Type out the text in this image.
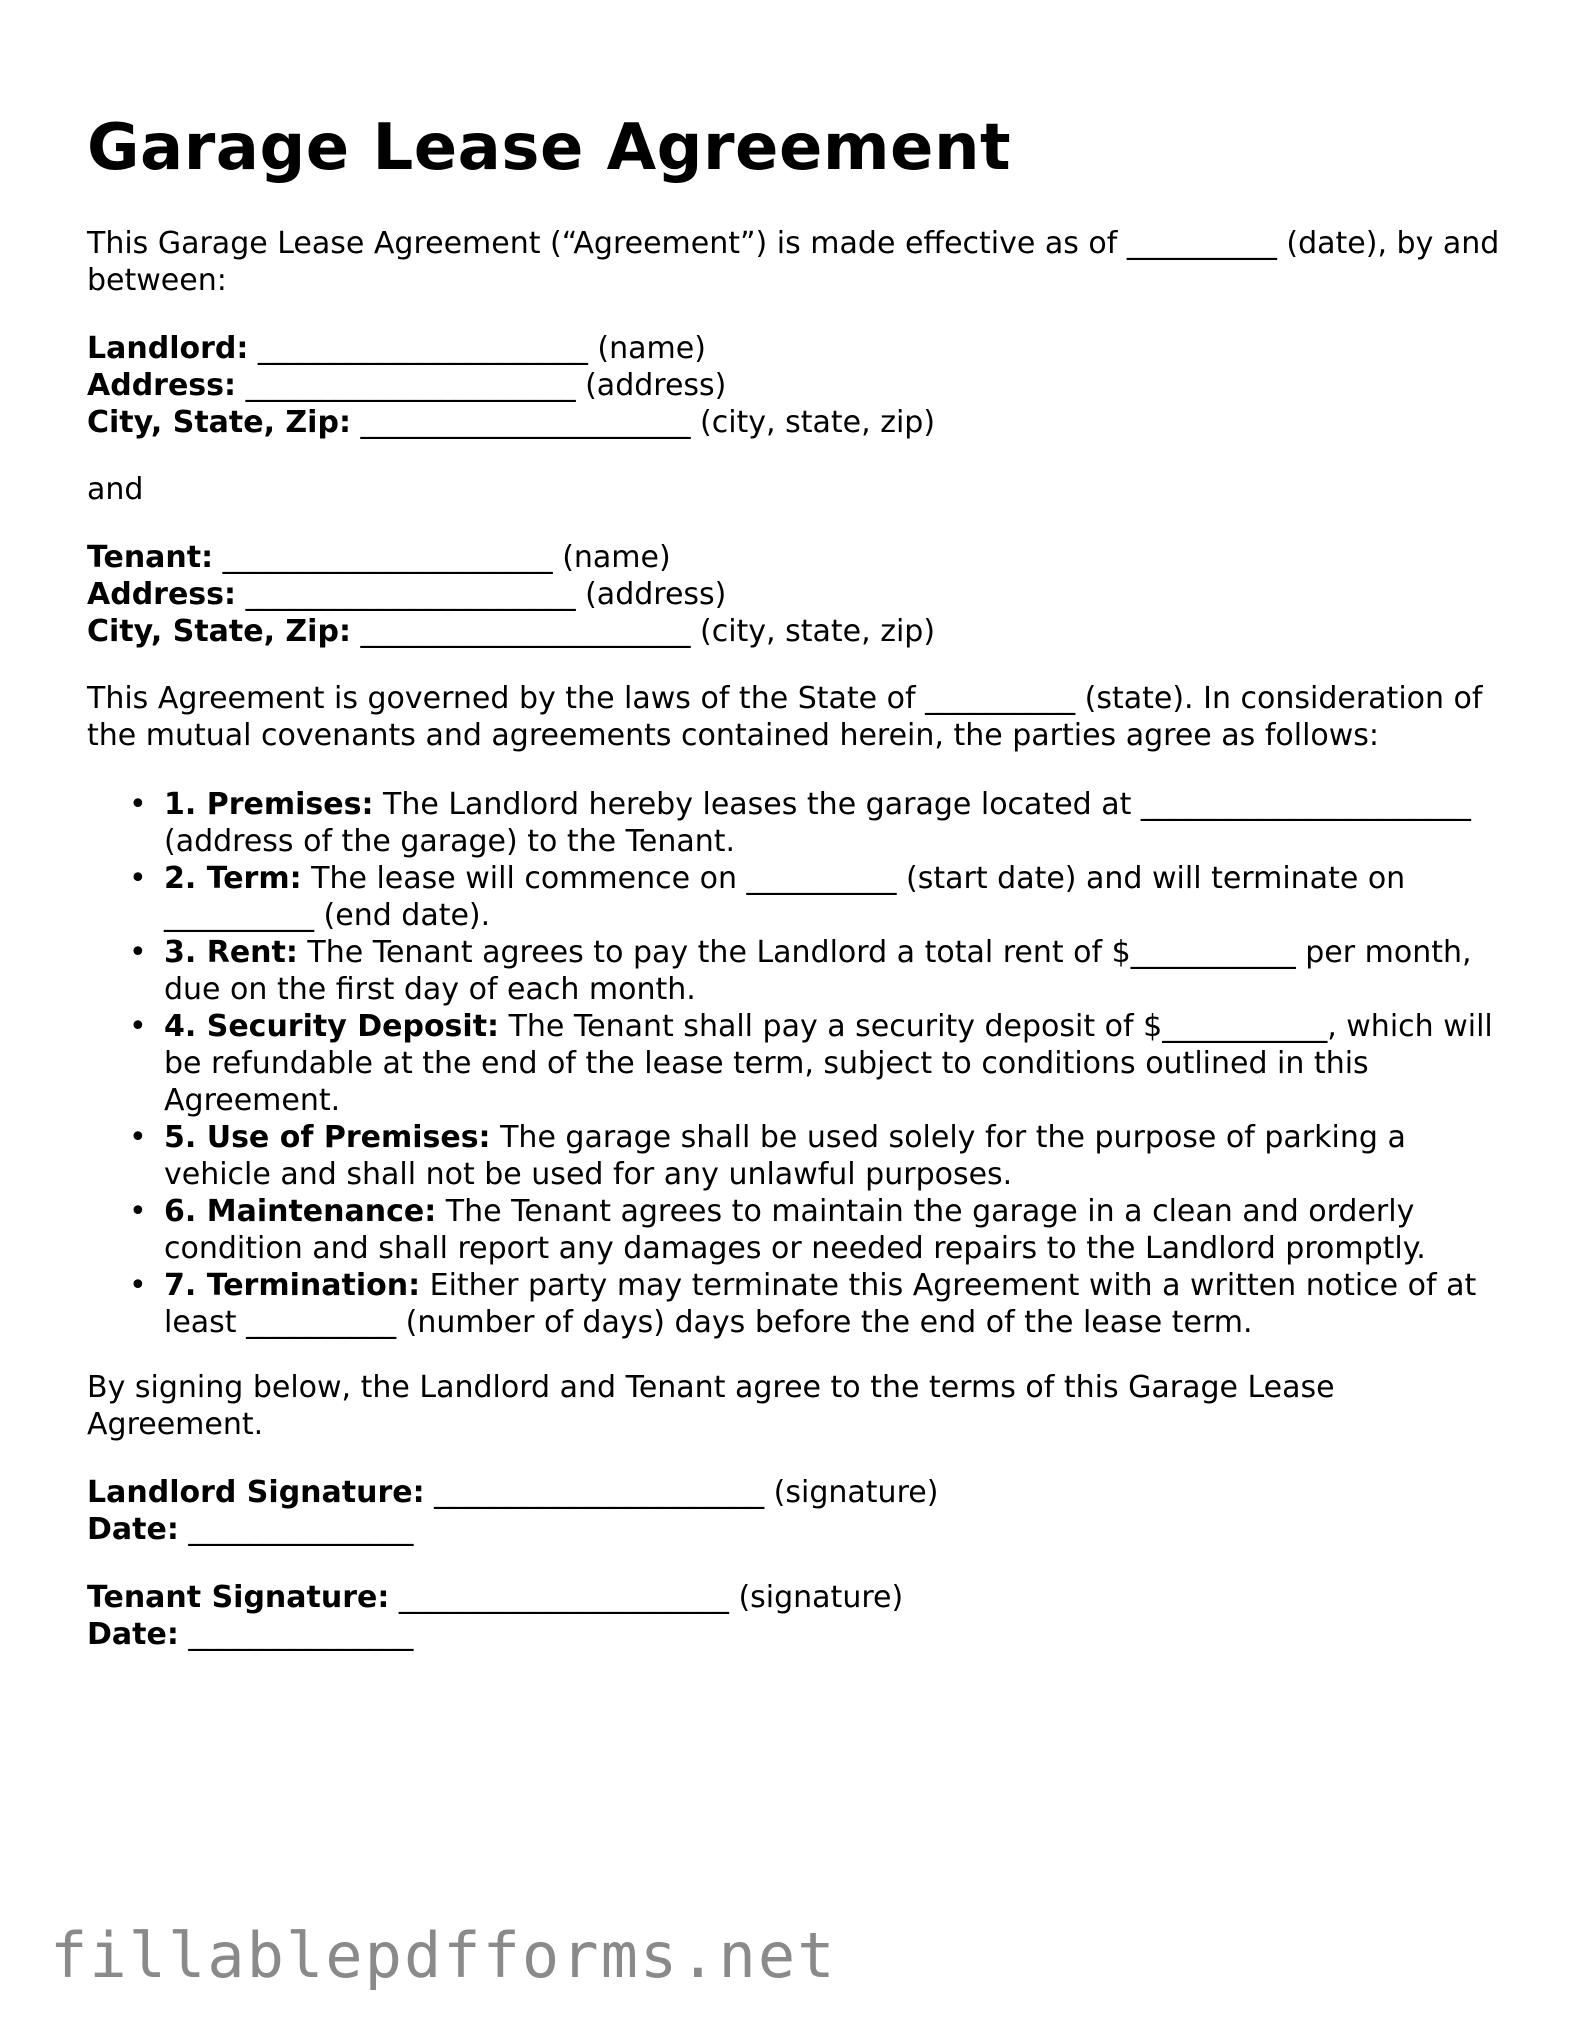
Garage Lease Agreement

This Garage Lease Agreement (“Agreement”) is made effective as of __________ (date), by and between:

Landlord: ______________________ (name)
Address: ______________________ (address)
City, State, Zip: ______________________ (city, state, zip)

and

Tenant: ______________________ (name)
Address: ______________________ (address)
City, State, Zip: ______________________ (city, state, zip)

This Agreement is governed by the laws of the State of __________ (state). In consideration of the mutual covenants and agreements contained herein, the parties agree as follows:

• 1. Premises: The Landlord hereby leases the garage located at ______________________ (address of the garage) to the Tenant.
• 2. Term: The lease will commence on __________ (start date) and will terminate on __________ (end date).
• 3. Rent: The Tenant agrees to pay the Landlord a total rent of $___________ per month, due on the first day of each month.
• 4. Security Deposit: The Tenant shall pay a security deposit of $___________, which will be refundable at the end of the lease term, subject to conditions outlined in this Agreement.
• 5. Use of Premises: The garage shall be used solely for the purpose of parking a vehicle and shall not be used for any unlawful purposes.
• 6. Maintenance: The Tenant agrees to maintain the garage in a clean and orderly condition and shall report any damages or needed repairs to the Landlord promptly.
• 7. Termination: Either party may terminate this Agreement with a written notice of at least __________ (number of days) days before the end of the lease term.

By signing below, the Landlord and Tenant agree to the terms of this Garage Lease Agreement.

Landlord Signature: ______________________ (signature)
Date: _______________
Tenant Signature: ______________________ (signature)
Date: _______________
fillablepdfforms.net
